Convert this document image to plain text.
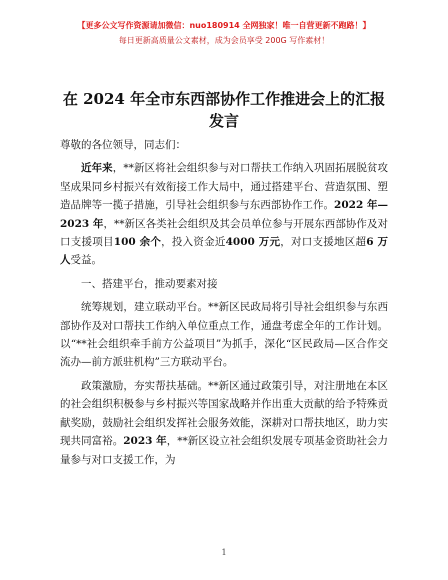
【更多公文写作资源请加微信：nuo180914 全网独家！唯一自营更新不跑路！】
每日更新高质量公文素材，成为会员享受 200G 写作素材！
在 2024 年全市东西部协作工作推进会上的汇报发言

尊敬的各位领导，同志们：

近年来，**新区将社会组织参与对口帮扶工作纳入巩固拓展脱贫攻坚成果同乡村振兴有效衔接工作大局中，通过搭建平台、营造氛围、塑造品牌等一揽子措施，引导社会组织参与东西部协作工作。2022 年—2023 年，**新区各类社会组织及其会员单位参与开展东西部协作及对口支援项目100 余个，投入资金近4000 万元，对口支援地区超6 万人受益。

一、搭建平台，推动要素对接

统筹规划，建立联动平台。**新区民政局将引导社会组织参与东西部协作及对口帮扶工作纳入单位重点工作，通盘考虑全年的工作计划。以“**社会组织牵手前方公益项目”为抓手，深化“区民政局—区合作交流办—前方派驻机构”三方联动平台。

政策激励，夯实帮扶基础。**新区通过政策引导，对注册地在本区的社会组织积极参与乡村振兴等国家战略并作出重大贡献的给予特殊贡献奖励，鼓励社会组织发挥社会服务效能，深耕对口帮扶地区，助力实现共同富裕。2023 年，**新区设立社会组织发展专项基金资助社会力量参与对口支援工作，为

1
